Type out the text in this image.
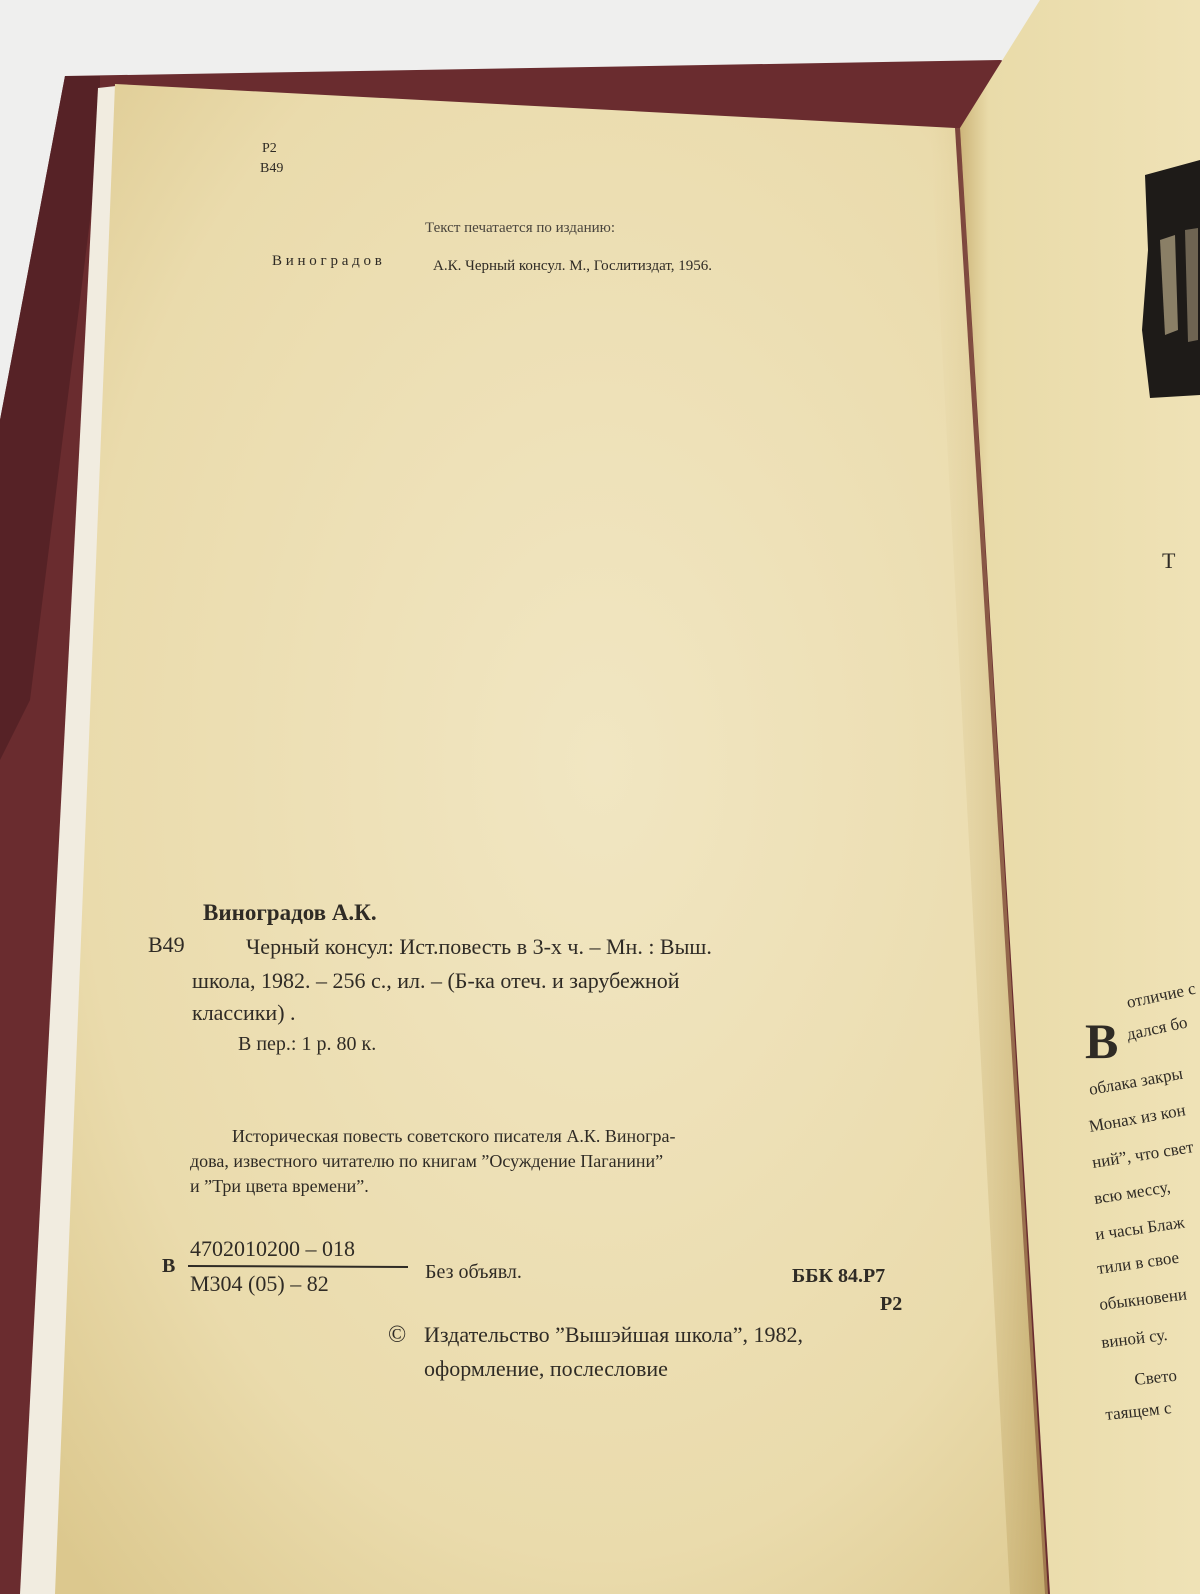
Р2
В49
Текст печатается по изданию:
В и н о г р а д о в	А.К. Черный консул. М., Гослитиздат, 1956.
Виноградов А.К.
В49	Черный консул: Ист.повесть в 3-х ч. – Мн. : Выш.
школа, 1982. – 256 с., ил. – (Б-ка отеч. и зарубежной
классики) .
В пер.: 1 р. 80 к.
Историческая повесть советского писателя А.К. Виногра-
дова, известного читателю по книгам ”Осуждение Паганини”
и ”Три цвета времени”.
В
4702010200 – 018
М304 (05) – 82	Без объявл.	ББК 84.Р7
Р2
© Издательство ”Вышэйшая школа”, 1982,
оформление, послесловие
Т
В
отличие с
дался бо
облака закры
Монах из кон
ний”, что свет
всю мессу,
и часы Блаж
тили в свое
обыкновени
виной су.
Свето
таящем с
